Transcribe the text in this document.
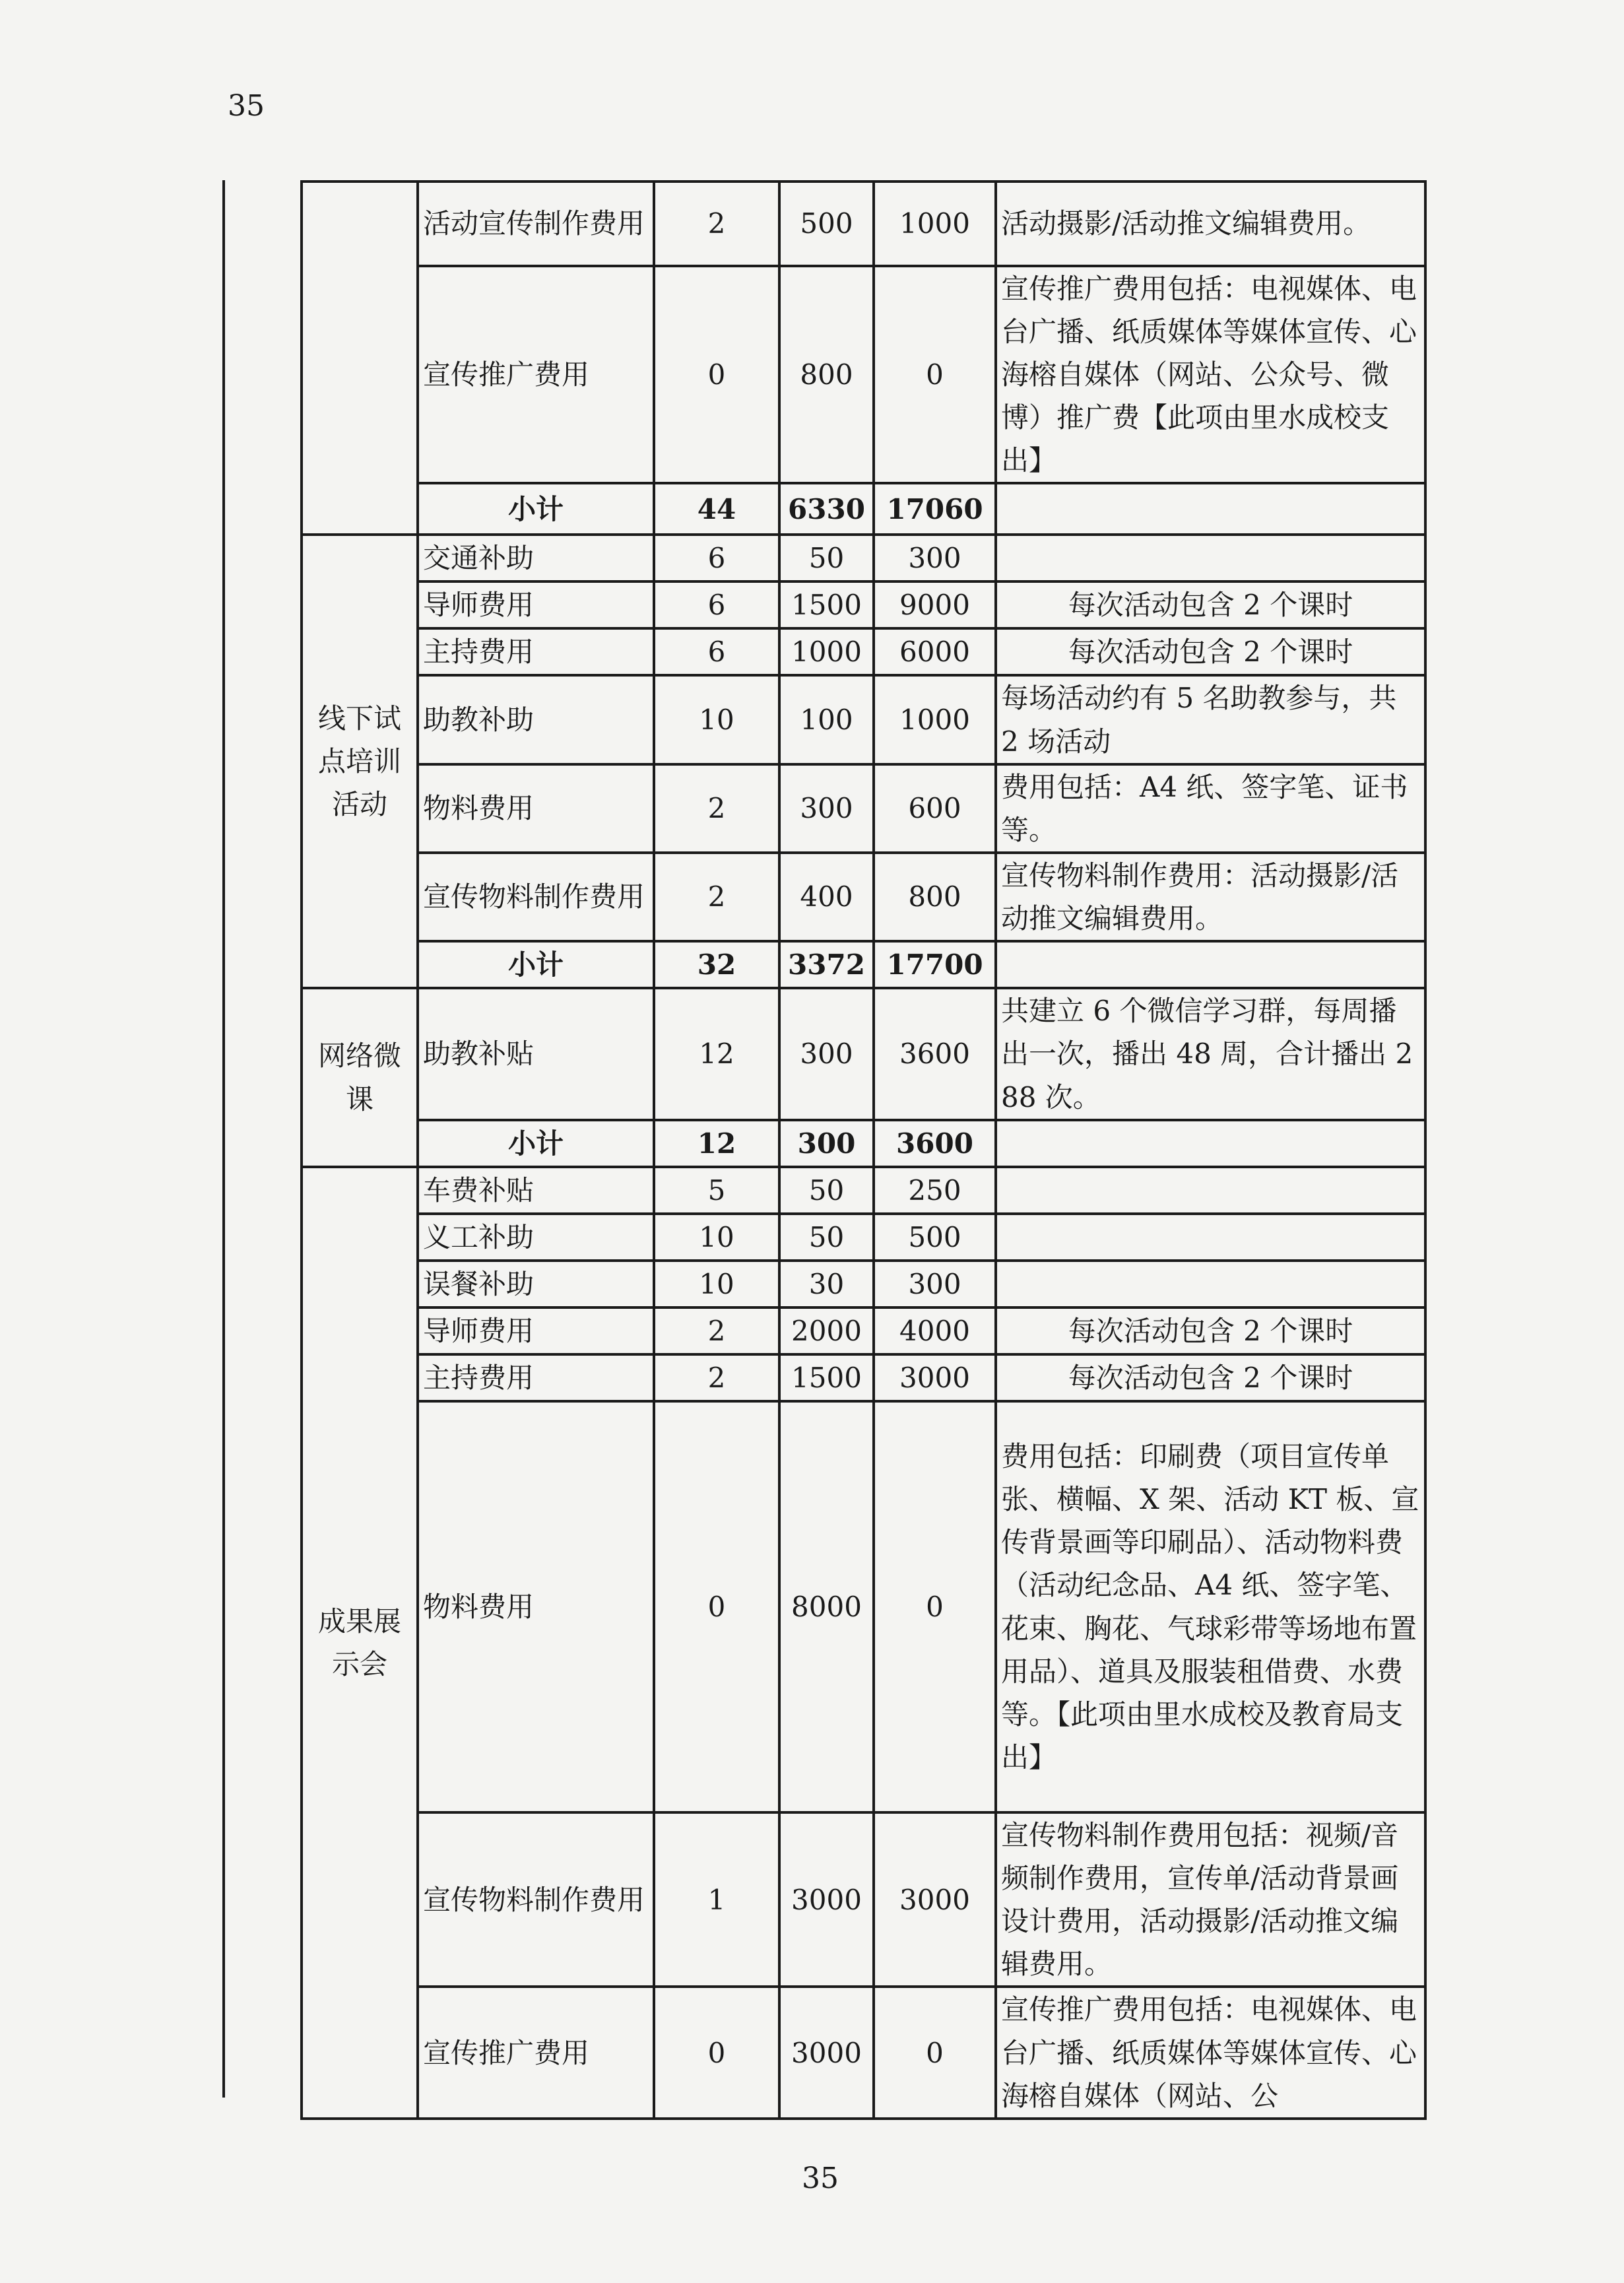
35
	活动宣传制作费用	2	500	1000	活动摄影/活动推文编辑费用。
	宣传推广费用	0	800	0	宣传推广费用包括：电视媒体、电台广播、纸质媒体等媒体宣传、心海榕自媒体（网站、公众号、微博）推广费【此项由里水成校支出】
	小计	44	6330	17060	
线下试点培训活动	交通补助	6	50	300	
	导师费用	6	1500	9000	每次活动包含 2 个课时
	主持费用	6	1000	6000	每次活动包含 2 个课时
	助教补助	10	100	1000	每场活动约有 5 名助教参与，共 2 场活动
	物料费用	2	300	600	费用包括：A4 纸、签字笔、证书等。
	宣传物料制作费用	2	400	800	宣传物料制作费用：活动摄影/活动推文编辑费用。
	小计	32	3372	17700	
网络微课	助教补贴	12	300	3600	共建立 6 个微信学习群，每周播出一次，播出 48 周，合计播出 288 次。
	小计	12	300	3600	
成果展示会	车费补贴	5	50	250	
	义工补助	10	50	500	
	误餐补助	10	30	300	
	导师费用	2	2000	4000	每次活动包含 2 个课时
	主持费用	2	1500	3000	每次活动包含 2 个课时
	物料费用	0	8000	0	费用包括：印刷费（项目宣传单张、横幅、X 架、活动 KT 板、宣传背景画等印刷品）、活动物料费（活动纪念品、A4 纸、签字笔、花束、胸花、气球彩带等场地布置用品）、道具及服装租借费、水费等。【此项由里水成校及教育局支出】
	宣传物料制作费用	1	3000	3000	宣传物料制作费用包括：视频/音频制作费用，宣传单/活动背景画设计费用，活动摄影/活动推文编辑费用。
	宣传推广费用	0	3000	0	宣传推广费用包括：电视媒体、电台广播、纸质媒体等媒体宣传、心海榕自媒体（网站、公
35
